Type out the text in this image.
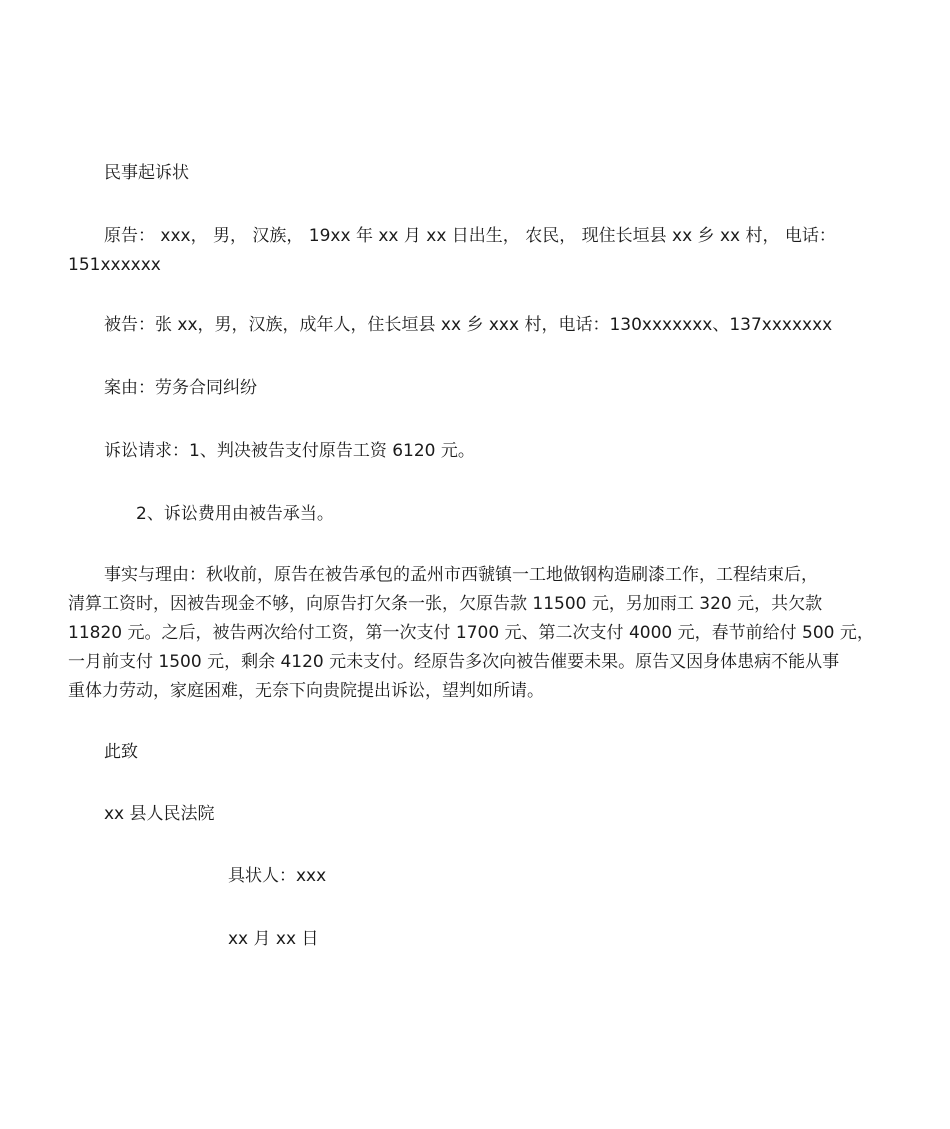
民事起诉状

原告： xxx， 男， 汉族， 19xx 年 xx 月 xx 日出生， 农民， 现住长垣县 xx 乡 xx 村， 电话：
151xxxxxx

被告：张 xx，男，汉族，成年人，住长垣县 xx 乡 xxx 村，电话：130xxxxxxx、137xxxxxxx

案由：劳务合同纠纷

诉讼请求：1、判决被告支付原告工资 6120 元。

2、诉讼费用由被告承当。

事实与理由：秋收前，原告在被告承包的孟州市西虢镇一工地做钢构造刷漆工作，工程结束后，
清算工资时，因被告现金不够，向原告打欠条一张，欠原告款 11500 元，另加雨工 320 元，共欠款
11820 元。之后，被告两次给付工资，第一次支付 1700 元、第二次支付 4000 元，春节前给付 500 元，
一月前支付 1500 元，剩余 4120 元未支付。经原告多次向被告催要未果。原告又因身体患病不能从事
重体力劳动，家庭困难，无奈下向贵院提出诉讼，望判如所请。

此致

xx 县人民法院

具状人：xxx

xx 月 xx 日
